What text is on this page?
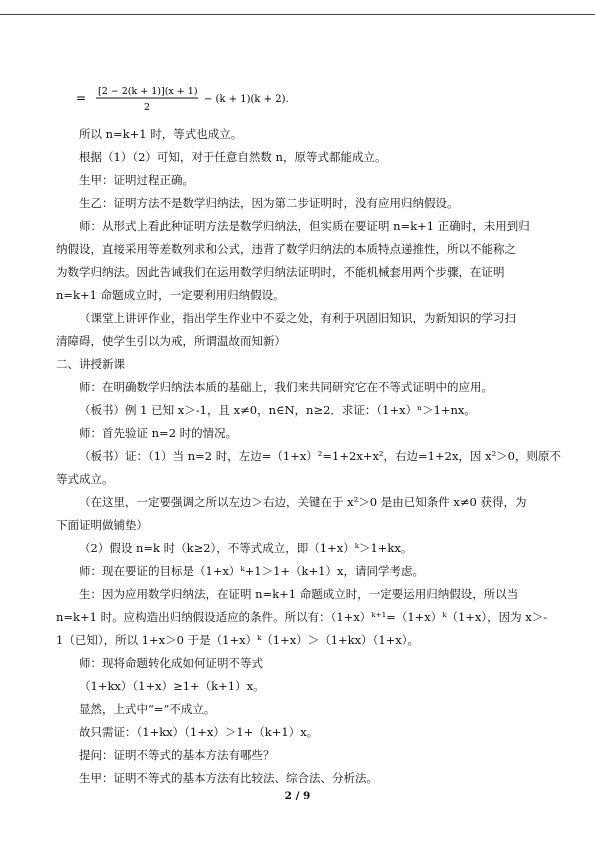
= [2 − 2(k + 1)](x + 1)
2
− (k + 1)(k + 2).
所以 n=k+1 时，等式也成立。
根据（1）（2）可知，对于任意自然数 n，原等式都能成立。
生甲：证明过程正确。
生乙：证明方法不是数学归纳法，因为第二步证明时，没有应用归纳假设。
师：从形式上看此种证明方法是数学归纳法，但实质在要证明 n=k+1 正确时，未用到归
纳假设，直接采用等差数列求和公式，违背了数学归纳法的本质特点递推性，所以不能称之
为数学归纳法。因此告诫我们在运用数学归纳法证明时，不能机械套用两个步骤，在证明
n=k+1 命题成立时，一定要利用归纳假设。
（课堂上讲评作业，指出学生作业中不妥之处，有利于巩固旧知识，为新知识的学习扫
清障碍，使学生引以为戒，所谓温故而知新）
二、讲授新课
师：在明确数学归纳法本质的基础上，我们来共同研究它在不等式证明中的应用。
（板书）例 1 已知 x＞-1，且 x≠0，n∈N，n≥2．求证：（1+x）ⁿ＞1+nx。
师：首先验证 n=2 时的情况。
（板书）证：（1）当 n=2 时，左边=（1+x）²=1+2x+x²，右边=1+2x，因 x²＞0，则原不
等式成立。
（在这里，一定要强调之所以左边＞右边，关键在于 x²＞0 是由已知条件 x≠0 获得，为
下面证明做铺垫）
（2）假设 n=k 时（k≥2），不等式成立，即（1+x）ᵏ＞1+kx。
师：现在要证的目标是（1+x）ᵏ+1＞1+（k+1）x，请同学考虑。
生：因为应用数学归纳法，在证明 n=k+1 命题成立时，一定要运用归纳假设，所以当
n=k+1 时。应构造出归纳假设适应的条件。所以有：（1+x）ᵏ⁺¹=（1+x）ᵏ（1+x），因为 x＞-
1（已知），所以 1+x＞0 于是（1+x）ᵏ（1+x）＞（1+kx）（1+x）。
师：现将命题转化成如何证明不等式
（1+kx）（1+x）≥1+（k+1）x。
显然，上式中“=”不成立。
故只需证：（1+kx）（1+x）＞1+（k+1）x。
提问：证明不等式的基本方法有哪些？
2 / 9
生甲：证明不等式的基本方法有比较法、综合法、分析法。
